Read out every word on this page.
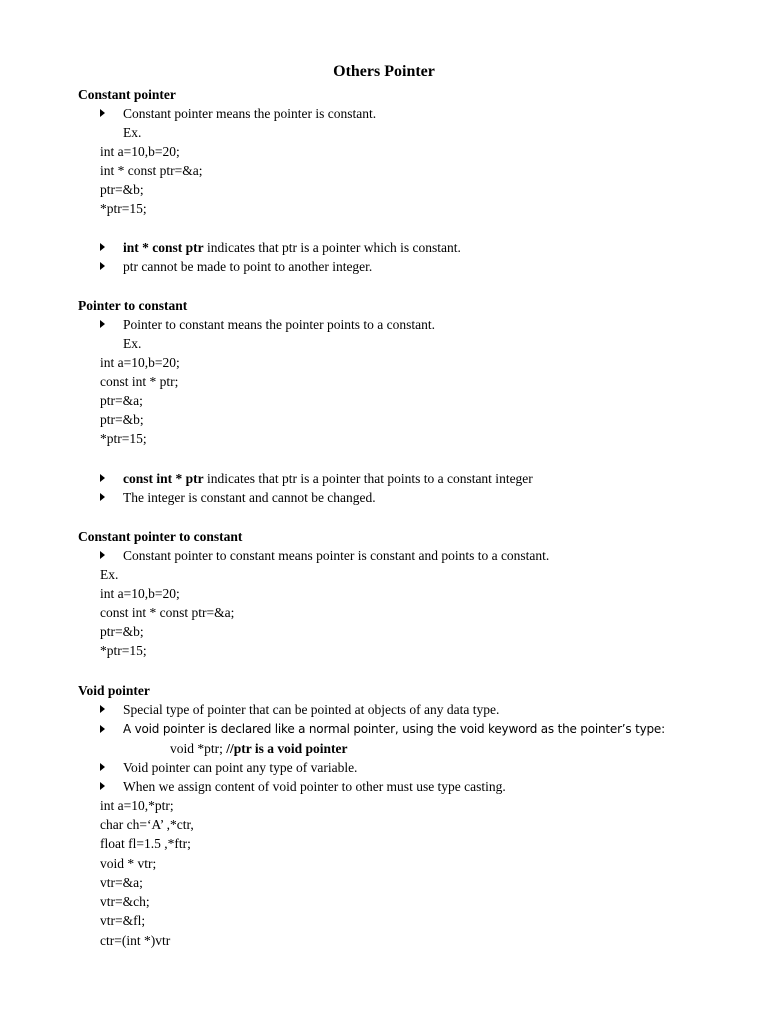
Others Pointer
Constant pointer
Constant pointer means the pointer is constant.
Ex.
int a=10,b=20;
int * const ptr=&a;
ptr=&b;
*ptr=15;
int * const ptr indicates that ptr is a pointer which is constant.
ptr cannot be made to point to another integer.
Pointer to constant
Pointer to constant means the pointer points to a constant.
Ex.
int a=10,b=20;
const int * ptr;
ptr=&a;
ptr=&b;
*ptr=15;
const int * ptr indicates that ptr is a pointer that points to a constant integer
The integer is constant and cannot be changed.
Constant pointer to constant
Constant pointer to constant means pointer is constant and points to a constant.
Ex.
int a=10,b=20;
const int * const ptr=&a;
ptr=&b;
*ptr=15;
Void pointer
Special type of pointer that can be pointed at objects of any data type.
A void pointer is declared like a normal pointer, using the void keyword as the pointer’s type:
void *ptr; //ptr is a void pointer
Void pointer can point any type of variable.
When we assign content of void pointer to other must use type casting.
int a=10,*ptr;
char ch=‘A’ ,*ctr,
float fl=1.5 ,*ftr;
void * vtr;
vtr=&a;
vtr=&ch;
vtr=&fl;
ctr=(int *)vtr
